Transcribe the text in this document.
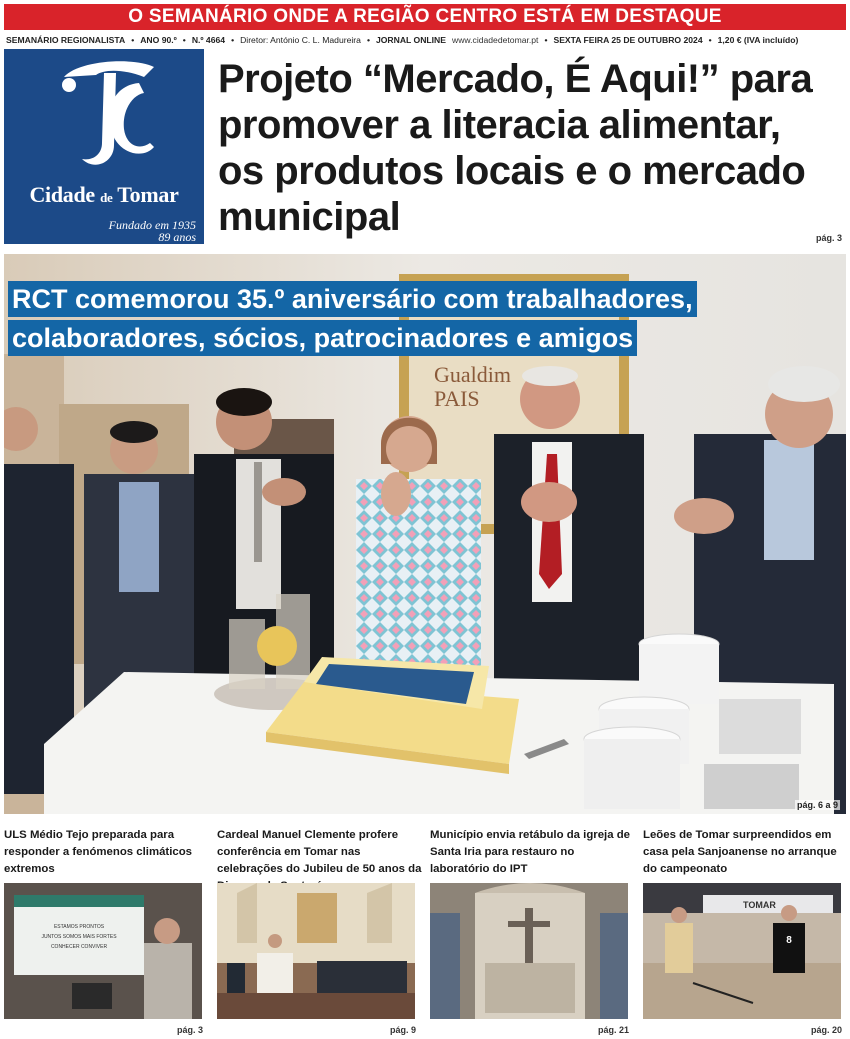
O SEMANÁRIO ONDE A REGIÃO CENTRO ESTÁ EM DESTAQUE
SEMANÁRIO REGIONALISTA • ANO 90.º • N.º 4664 • Diretor: António C. L. Madureira • JORNAL ONLINE www.cidadedetomar.pt • SEXTA FEIRA 25 DE OUTUBRO 2024 • 1,20 € (IVA incluído)
Cidade de Tomar
Fundado em 1935
89 anos
Projeto “Mercado, É Aqui!” para promover a literacia alimentar, os produtos locais e o mercado municipal	pág. 3
Gualdim
PAIS
RCT comemorou 35.º aniversário com trabalhadores,
colaboradores, sócios, patrocinadores e amigos
pág. 6 a 9
ULS Médio Tejo preparada para responder a fenómenos climáticos extremos
ESTAMOS PRONTOS
JUNTOS SOMOS MAIS FORTES
CONHECER CONVIVER
pág. 3
Cardeal Manuel Clemente profere conferência em Tomar nas celebrações do Jubileu de 50 anos da
pág. 9
Município envia retábulo da igreja de Santa Iria para restauro no laboratório do IPT
pág. 21
Leões de Tomar surpreendidos em casa pela Sanjoanense no arranque do campeonato
TOMAR
8
pág. 20
